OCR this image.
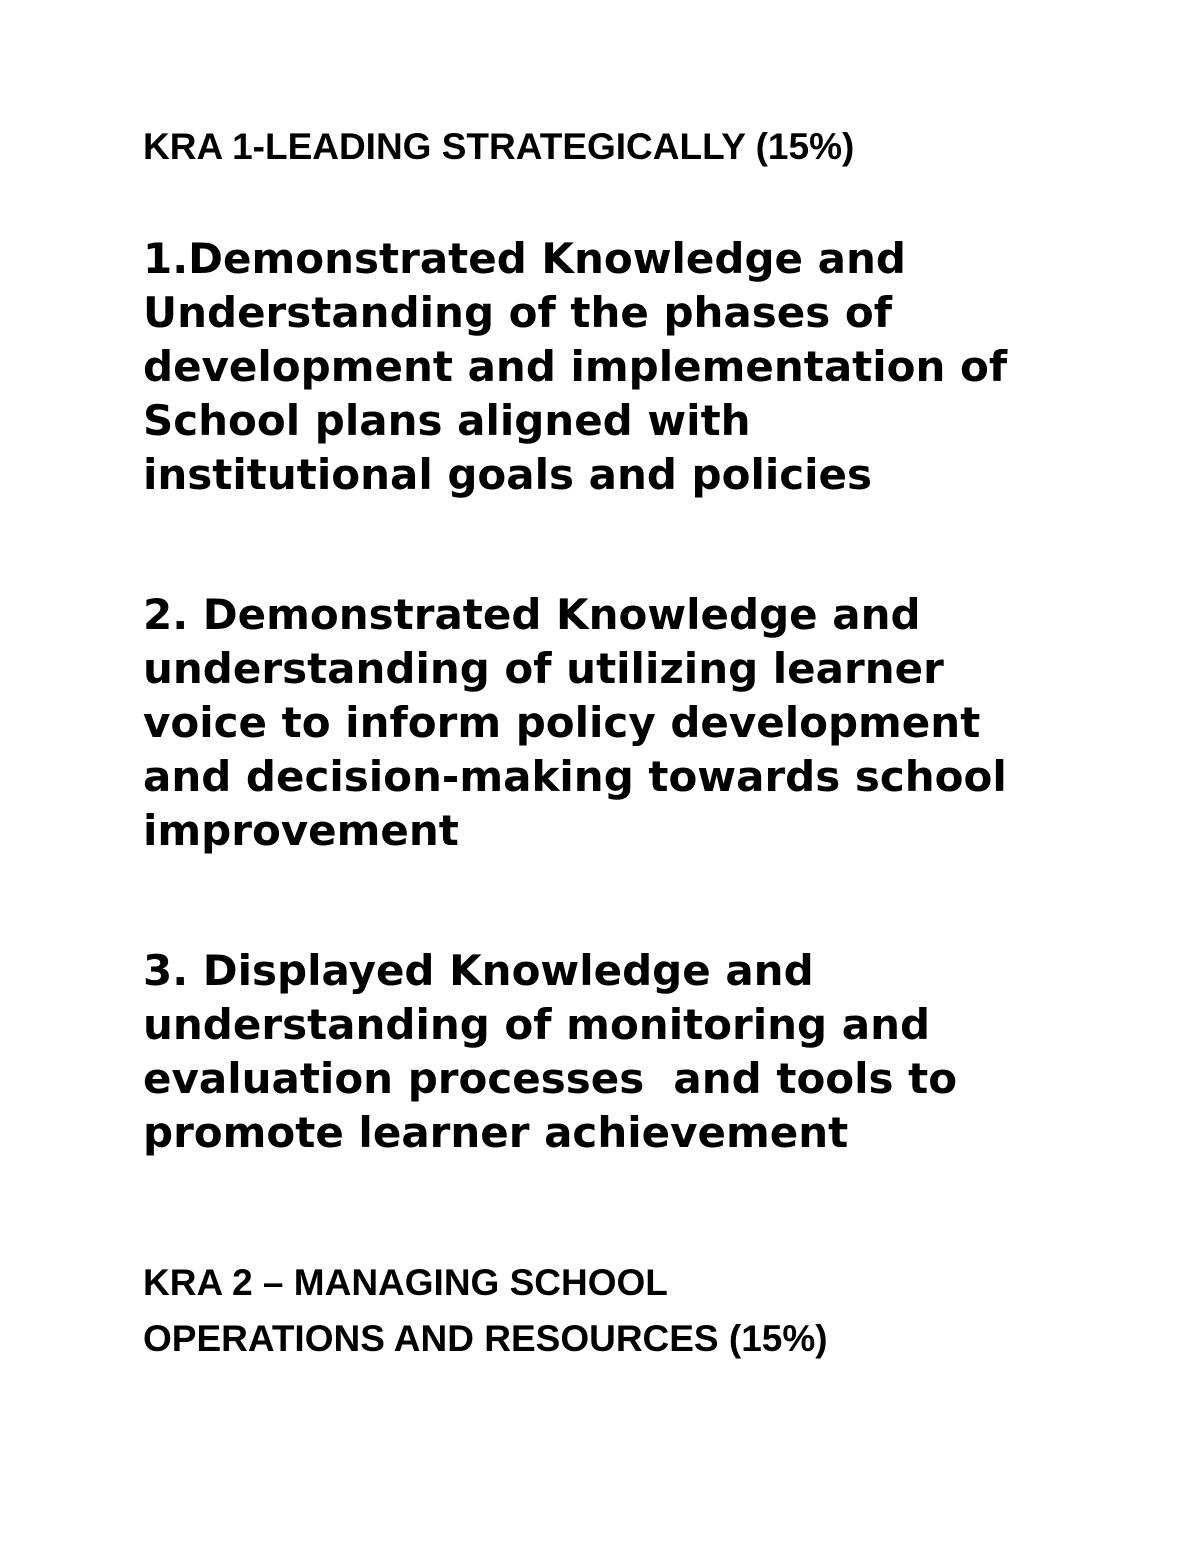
KRA 1-LEADING STRATEGICALLY (15%)

1.Demonstrated Knowledge and
Understanding of the phases of
development and implementation of
School plans aligned with
institutional goals and policies

2. Demonstrated Knowledge and
understanding of utilizing learner
voice to inform policy development
and decision-making towards school
improvement

3. Displayed Knowledge and
understanding of monitoring and
evaluation processes  and tools to
promote learner achievement

KRA 2 – MANAGING SCHOOL
OPERATIONS AND RESOURCES (15%)
